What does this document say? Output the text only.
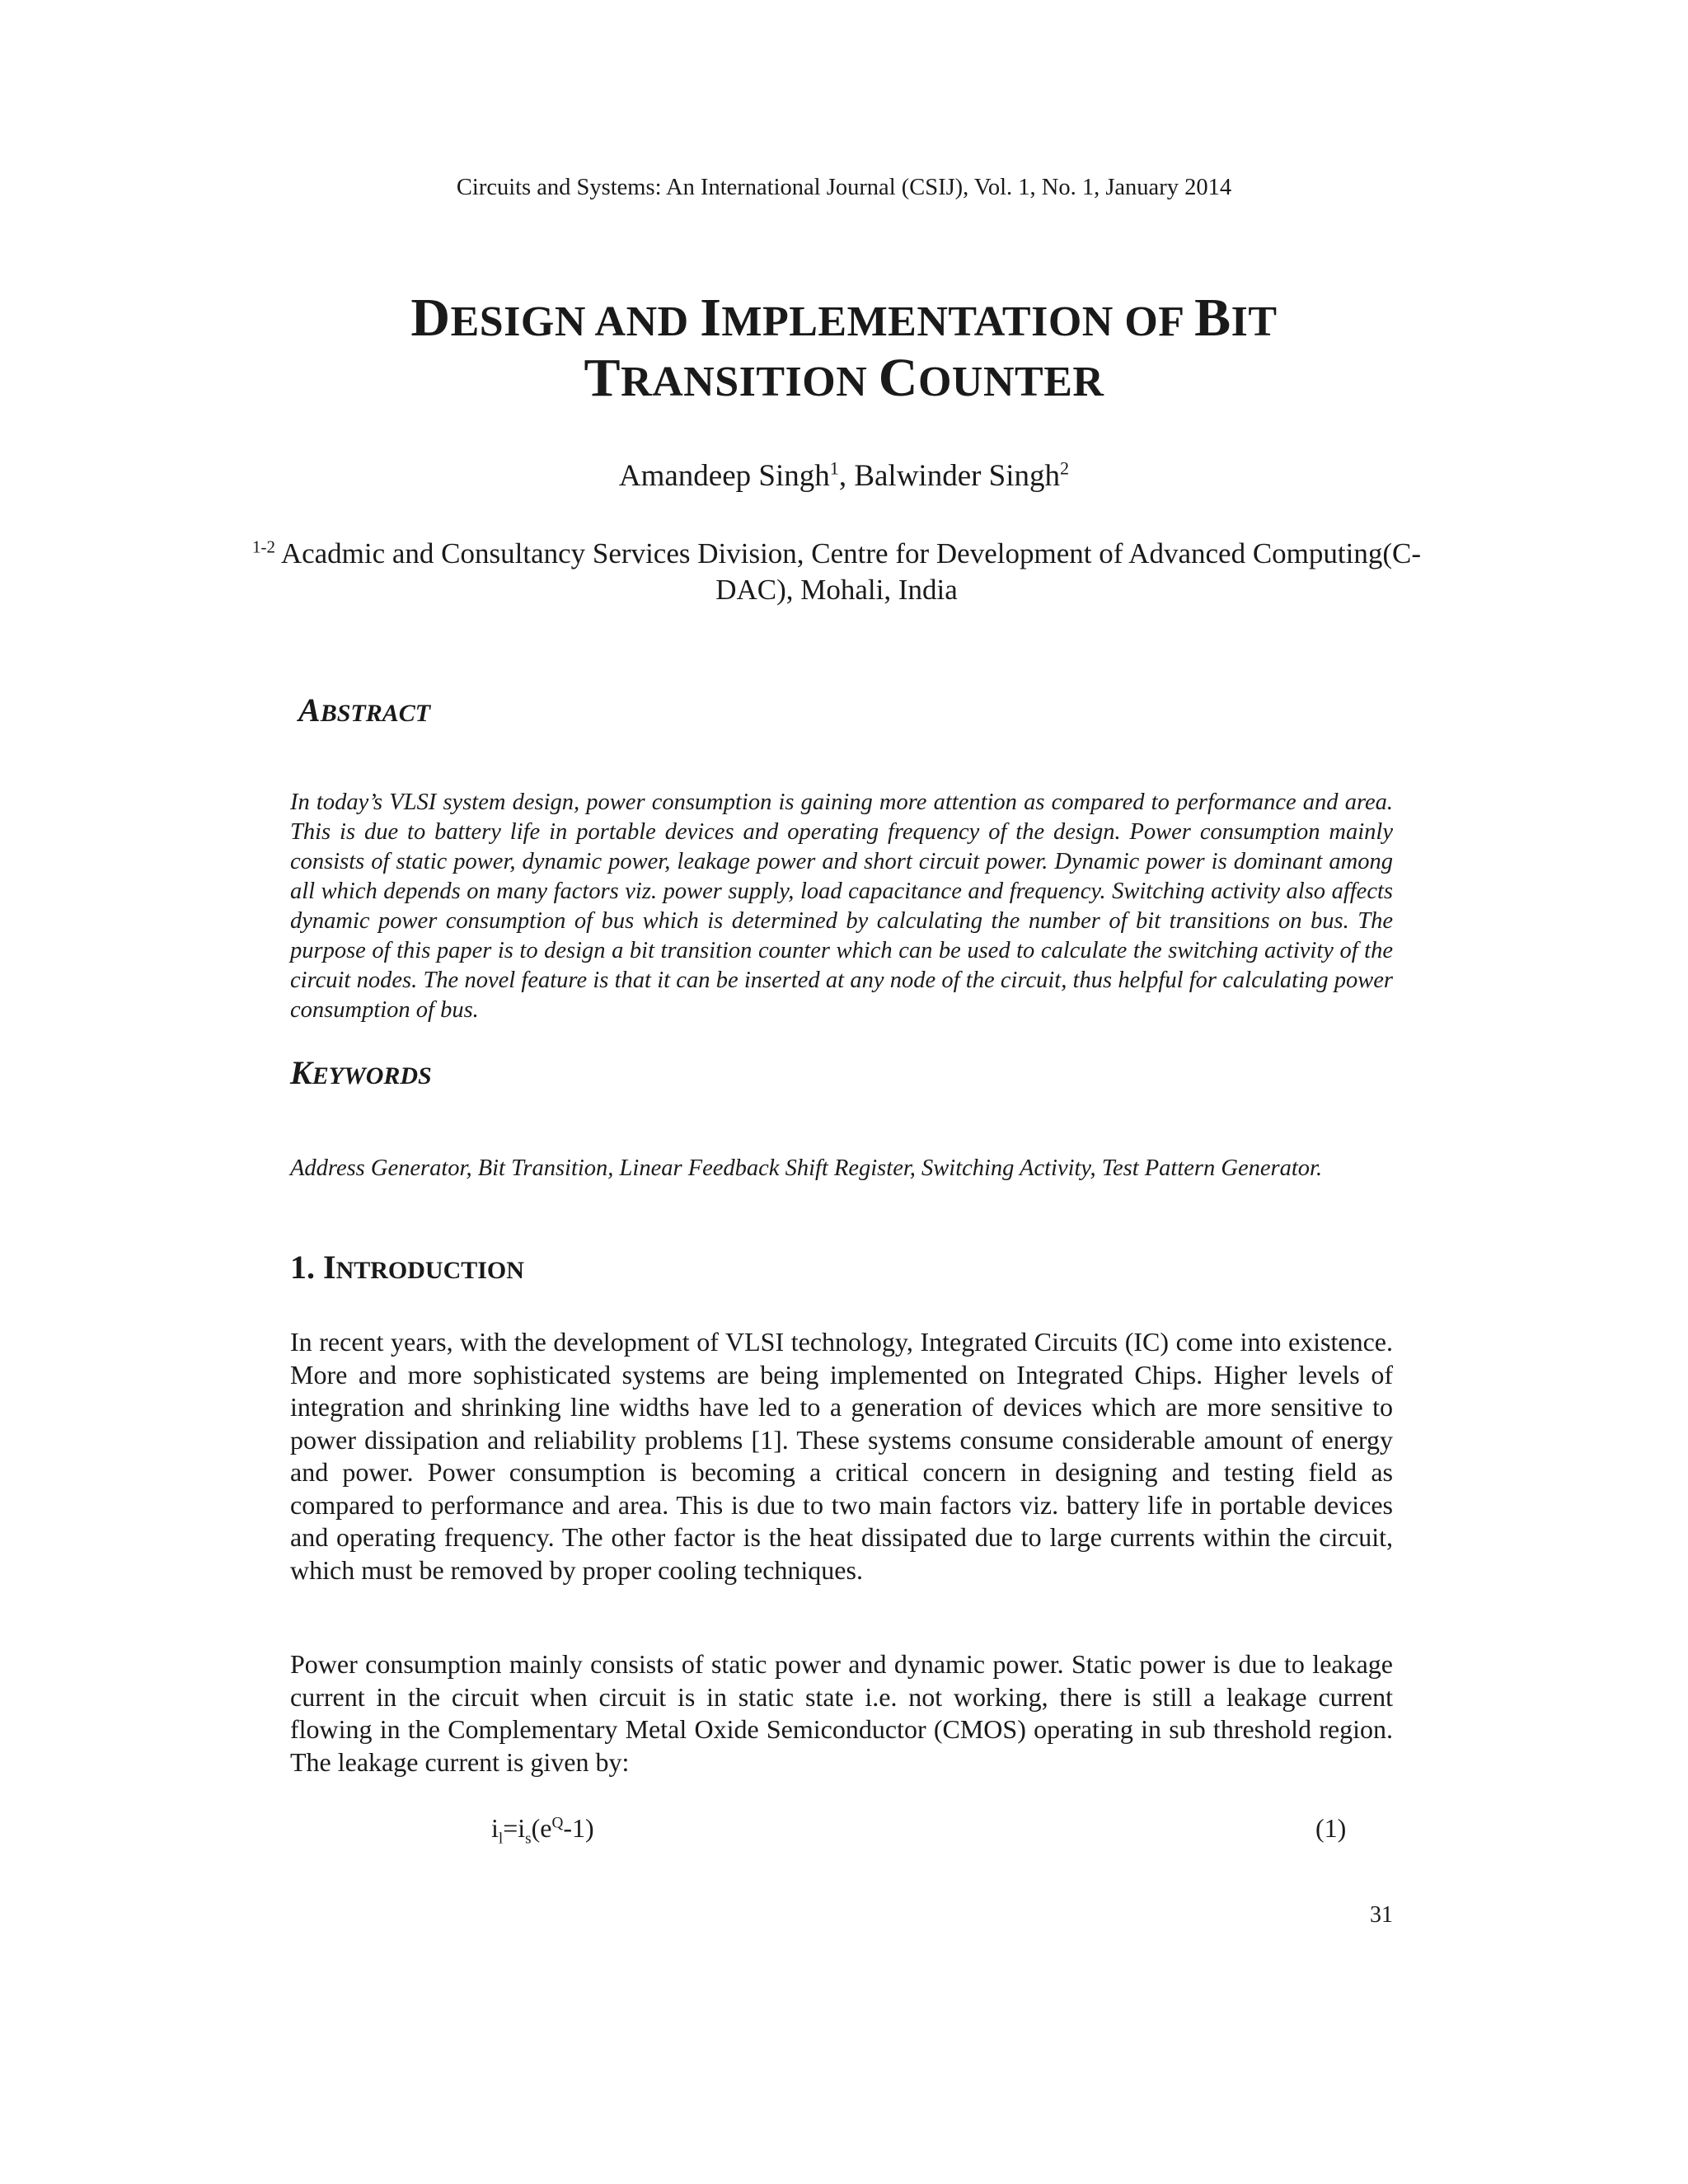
Circuits and Systems: An International Journal (CSIJ), Vol. 1, No. 1, January 2014
DESIGN AND IMPLEMENTATION OF BIT
TRANSITION COUNTER
Amandeep Singh$^1$, Balwinder Singh$^2$
$^{1-2}$ Acadmic and Consultancy Services Division, Centre for Development of Advanced Computing(C-DAC), Mohali, India
ABSTRACT
In today’s VLSI system design, power consumption is gaining more attention as compared to performance and area. This is due to battery life in portable devices and operating frequency of the design. Power consumption mainly consists of static power, dynamic power, leakage power and short circuit power. Dynamic power is dominant among all which depends on many factors viz. power supply, load capacitance and frequency. Switching activity also affects dynamic power consumption of bus which is determined by calculating the number of bit transitions on bus. The purpose of this paper is to design a bit transition counter which can be used to calculate the switching activity of the circuit nodes. The novel feature is that it can be inserted at any node of the circuit, thus helpful for calculating power consumption of bus.
KEYWORDS
Address Generator, Bit Transition, Linear Feedback Shift Register, Switching Activity, Test Pattern Generator.
1. INTRODUCTION
In recent years, with the development of VLSI technology, Integrated Circuits (IC) come into existence. More and more sophisticated systems are being implemented on Integrated Chips. Higher levels of integration and shrinking line widths have led to a generation of devices which are more sensitive to power dissipation and reliability problems [1]. These systems consume considerable amount of energy and power. Power consumption is becoming a critical concern in designing and testing field as compared to performance and area. This is due to two main factors viz. battery life in portable devices and operating frequency. The other factor is the heat dissipated due to large currents within the circuit, which must be removed by proper cooling techniques.
Power consumption mainly consists of static power and dynamic power. Static power is due to leakage current in the circuit when circuit is in static state i.e. not working, there is still a leakage current flowing in the Complementary Metal Oxide Semiconductor (CMOS) operating in sub threshold region. The leakage current is given by:
$i_l=i_s(e^Q-1)$	(1)
31
